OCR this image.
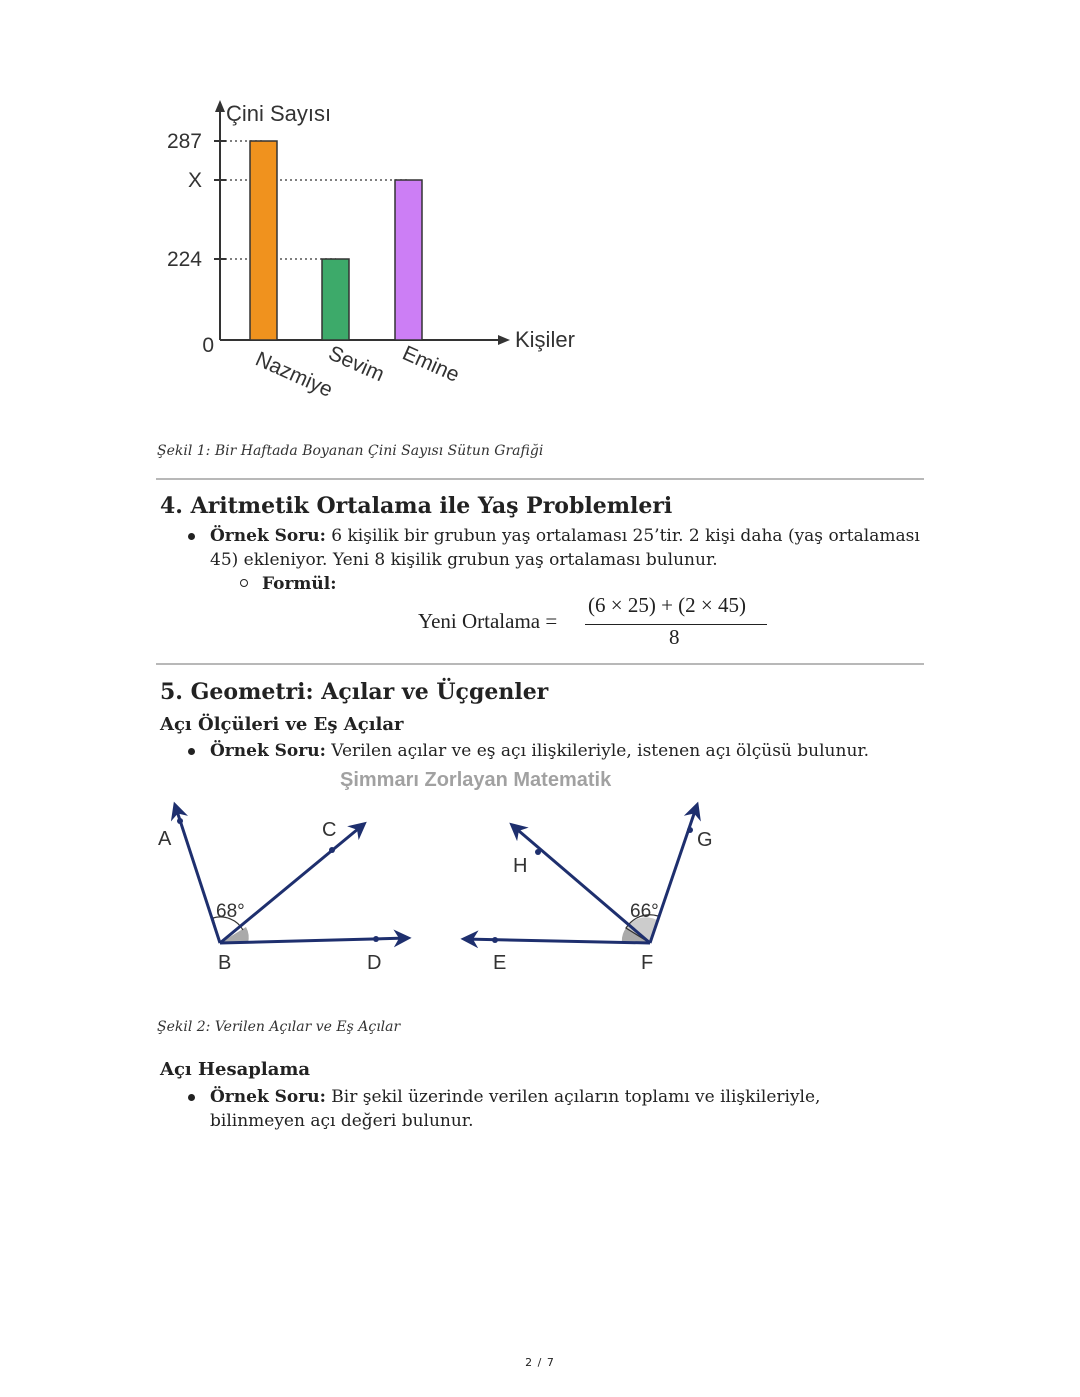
287
X
224
0
Çini Sayısı
Kişiler
Nazmiye
Sevim Emine
Şekil 1: Bir Haftada Boyanan Çini Sayısı Sütun Grafiği
4. Aritmetik Ortalama ile Yaş Problemleri
Örnek Soru: 6 kişilik bir grubun yaş ortalaması 25’tir. 2 kişi daha (yaş ortalaması 45) ekleniyor. Yeni 8 kişilik grubun yaş ortalaması bulunur.
Formül:
Yeni Ortalama =
(6 × 25) + (2 × 45)
8
5. Geometri: Açılar ve Üçgenler
Açı Ölçüleri ve Eş Açılar
Örnek Soru: Verilen açılar ve eş açı ilişkileriyle, istenen açı ölçüsü bulunur.
Şimmarı Zorlayan Matematik
A	C
B	D
68°
G
H
E	F
66°
Şekil 2: Verilen Açılar ve Eş Açılar
Açı Hesaplama
Örnek Soru: Bir şekil üzerinde verilen açıların toplamı ve ilişkileriyle, bilinmeyen açı değeri bulunur.
2 / 7
